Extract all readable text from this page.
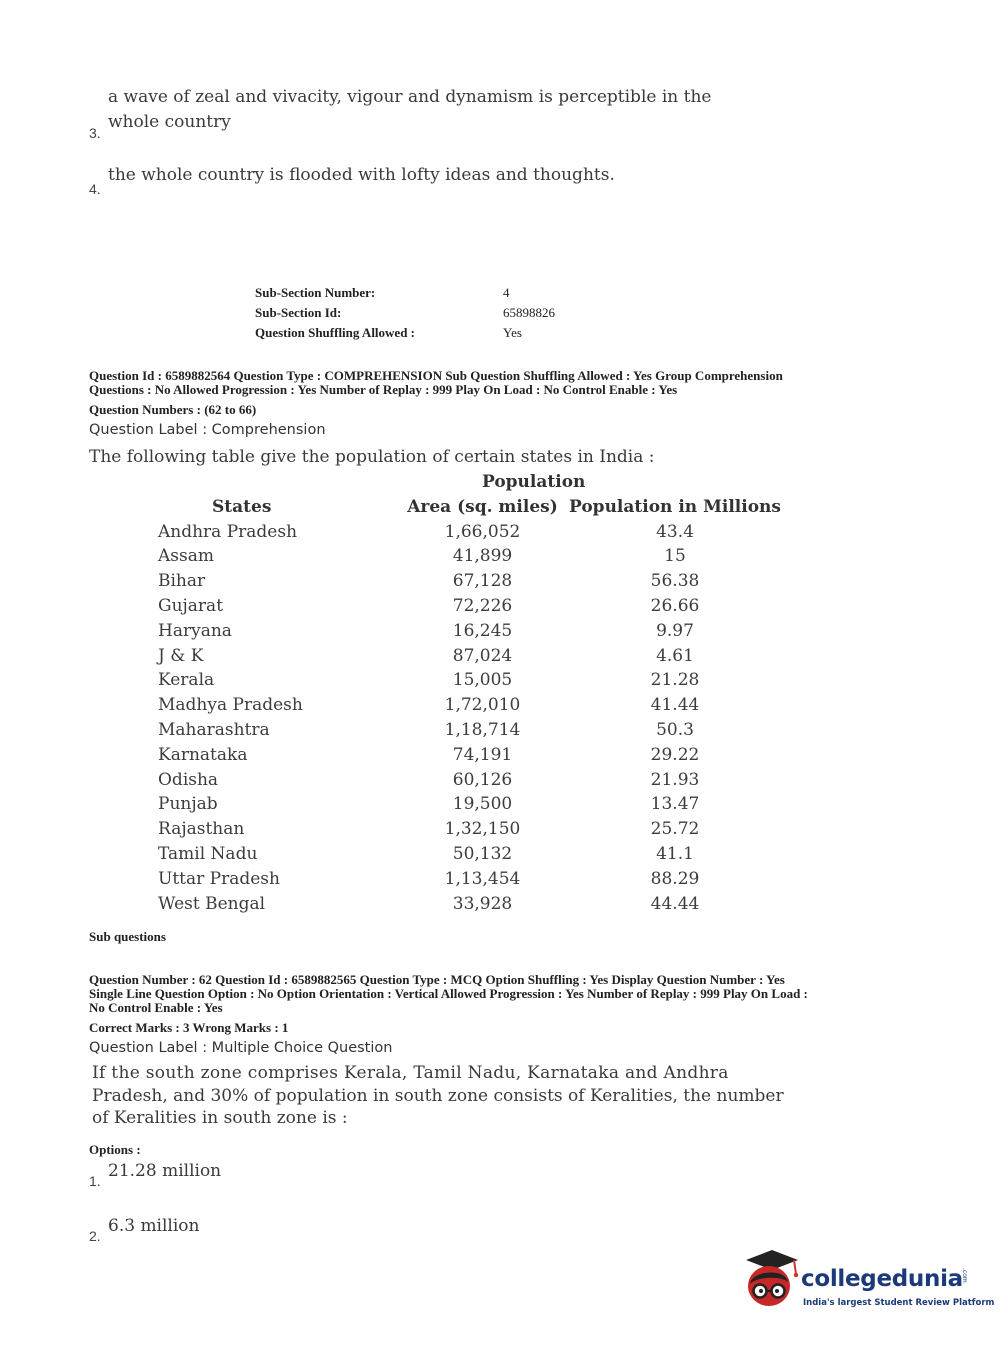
a wave of zeal and vivacity, vigour and dynamism is perceptible in the
whole country
3.
the whole country is flooded with lofty ideas and thoughts.
4.
Sub-Section Number:	4
Sub-Section Id:	65898826
Question Shuffling Allowed :	Yes
Question Id : 6589882564 Question Type : COMPREHENSION Sub Question Shuffling Allowed : Yes Group Comprehension
Questions : No Allowed Progression : Yes Number of Replay : 999 Play On Load : No Control Enable : Yes
Question Numbers : (62 to 66)
Question Label : Comprehension
The following table give the population of certain states in India :
	Population	
States	Area (sq. miles)	Population in Millions
Andhra Pradesh	1,66,052	43.4
Assam	41,899	15
Bihar	67,128	56.38
Gujarat	72,226	26.66
Haryana	16,245	9.97
J & K	87,024	4.61
Kerala	15,005	21.28
Madhya Pradesh	1,72,010	41.44
Maharashtra	1,18,714	50.3
Karnataka	74,191	29.22
Odisha	60,126	21.93
Punjab	19,500	13.47
Rajasthan	1,32,150	25.72
Tamil Nadu	50,132	41.1
Uttar Pradesh	1,13,454	88.29
West Bengal	33,928	44.44
Sub questions
Question Number : 62 Question Id : 6589882565 Question Type : MCQ Option Shuffling : Yes Display Question Number : Yes
Single Line Question Option : No Option Orientation : Vertical Allowed Progression : Yes Number of Replay : 999 Play On Load :
No Control Enable : Yes
Correct Marks : 3 Wrong Marks : 1
Question Label : Multiple Choice Question
If the south zone comprises Kerala, Tamil Nadu, Karnataka and Andhra
Pradesh, and 30% of population in south zone consists of Keralities, the number
of Keralities in south zone is :
Options :
21.28 million
1.
6.3 million
2.
collegedunia
.com
India's largest Student Review Platform
